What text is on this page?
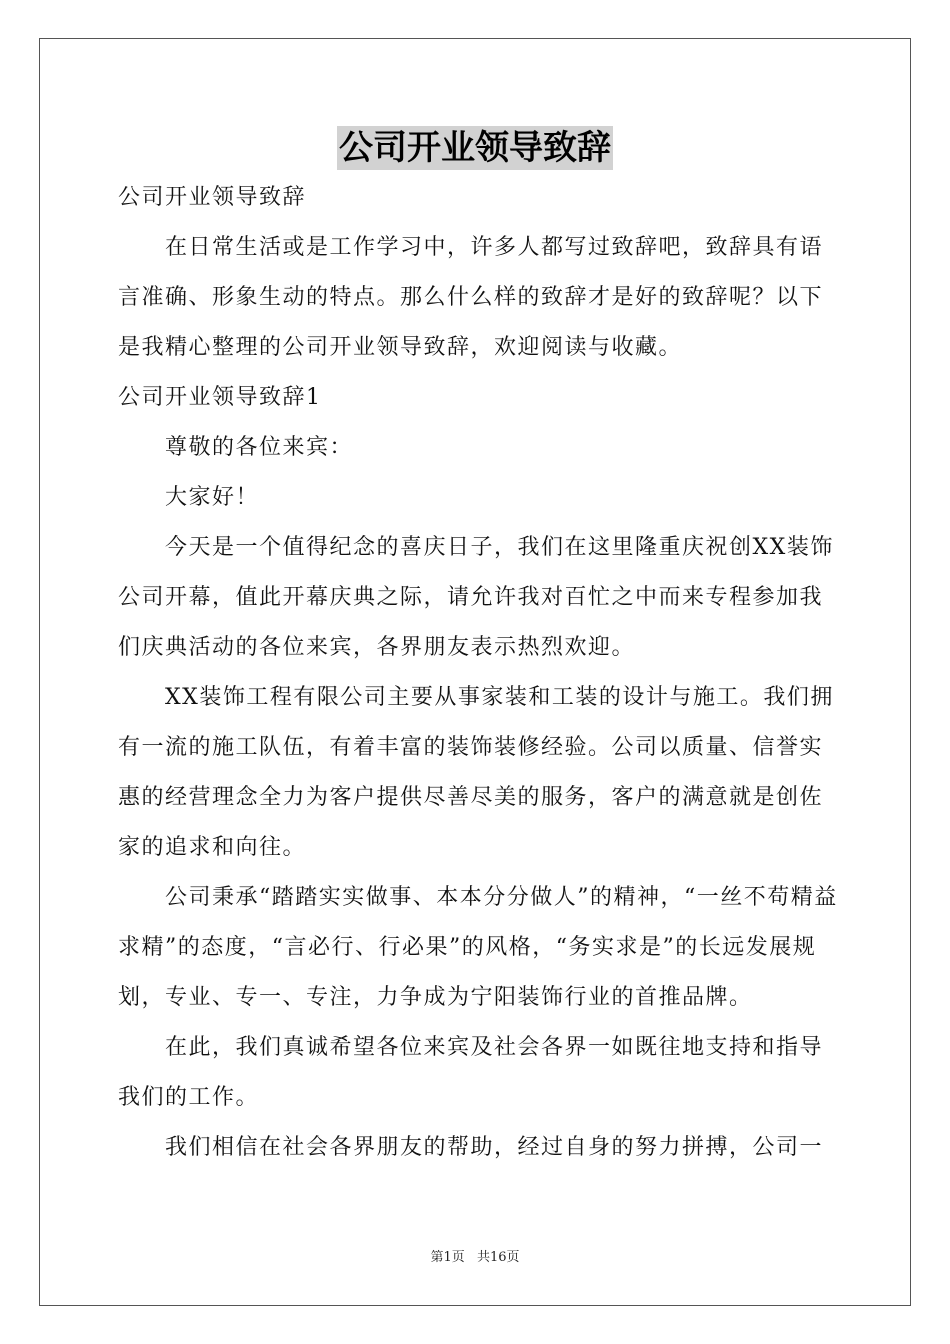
公司开业领导致辞

公司开业领导致辞

在日常生活或是工作学习中，许多人都写过致辞吧，致辞具有语言准确、形象生动的特点。那么什么样的致辞才是好的致辞呢？以下是我精心整理的公司开业领导致辞，欢迎阅读与收藏。

公司开业领导致辞1

尊敬的各位来宾：

大家好！

今天是一个值得纪念的喜庆日子，我们在这里隆重庆祝创XX装饰公司开幕，值此开幕庆典之际，请允许我对百忙之中而来专程参加我们庆典活动的各位来宾，各界朋友表示热烈欢迎。

XX装饰工程有限公司主要从事家装和工装的设计与施工。我们拥有一流的施工队伍，有着丰富的装饰装修经验。公司以质量、信誉实惠的经营理念全力为客户提供尽善尽美的服务，客户的满意就是创佐家的追求和向往。

公司秉承“踏踏实实做事、本本分分做人”的精神，“一丝不苟精益求精”的态度，“言必行、行必果”的风格，“务实求是”的长远发展规划，专业、专一、专注，力争成为宁阳装饰行业的首推品牌。

在此，我们真诚希望各位来宾及社会各界一如既往地支持和指导我们的工作。

我们相信在社会各界朋友的帮助，经过自身的努力拼搏，公司一

第1页 共16页
